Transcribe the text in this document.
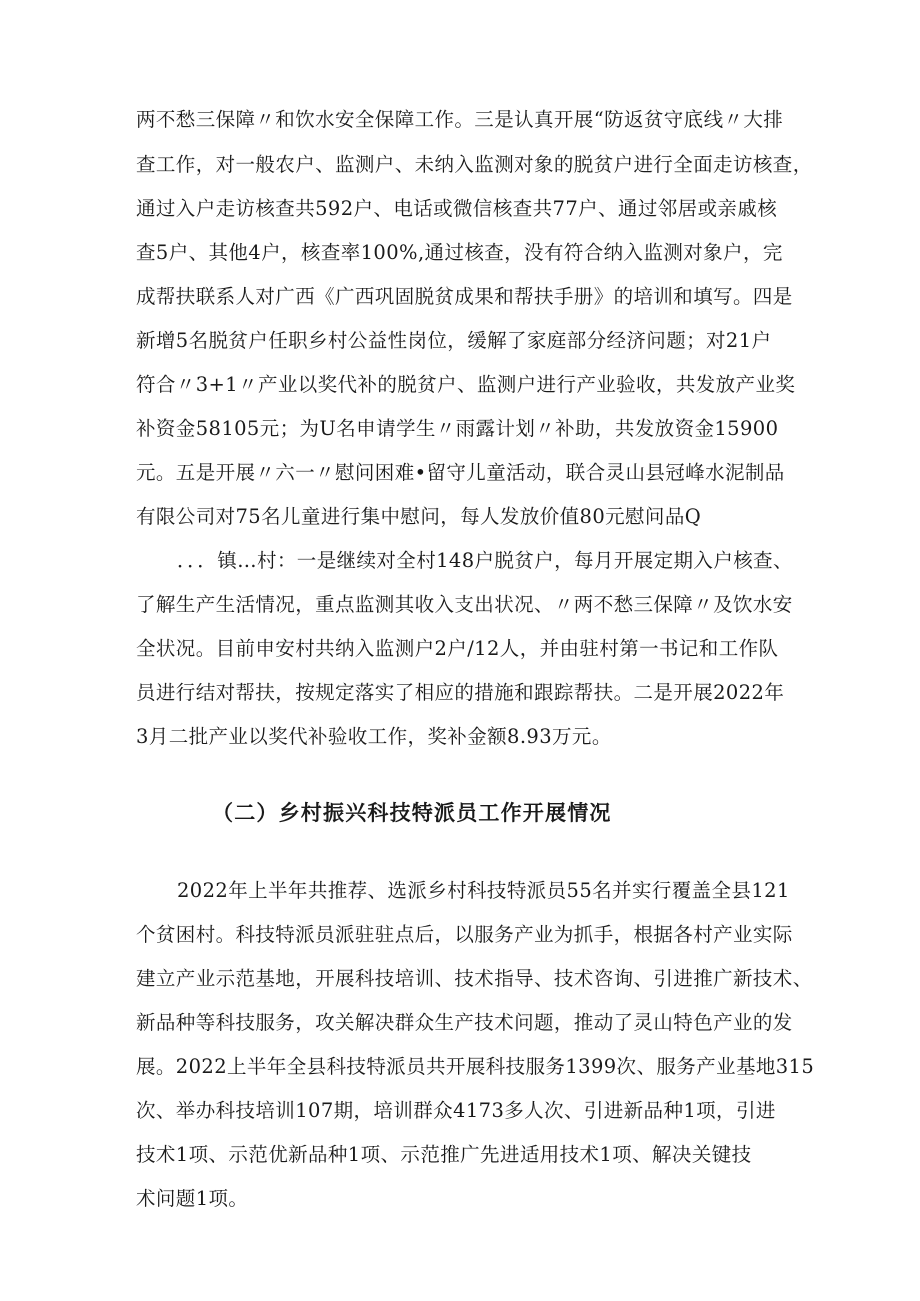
两不愁三保障〃和饮水安全保障工作。三是认真开展“防返贫守底线〃大排
查工作，对一般农户、监测户、未纳入监测对象的脱贫户进行全面走访核查，
通过入户走访核查共592户、电话或微信核查共77户、通过邻居或亲戚核
查5户、其他4户，核查率100%,通过核查，没有符合纳入监测对象户，完
成帮扶联系人对广西《广西巩固脱贫成果和帮扶手册》的培训和填写。四是
新增5名脱贫户任职乡村公益性岗位，缓解了家庭部分经济问题；对21户
符合〃3+1〃产业以奖代补的脱贫户、监测户进行产业验收，共发放产业奖
补资金58105元；为U名申请学生〃雨露计划〃补助，共发放资金15900
元。五是开展〃六一〃慰问困难•留守儿童活动，联合灵山县冠峰水泥制品
有限公司对75名儿童进行集中慰问，每人发放价值80元慰问品Q
．．．镇…村：一是继续对全村148户脱贫户，每月开展定期入户核查、
了解生产生活情况，重点监测其收入支出状况、〃两不愁三保障〃及饮水安
全状况。目前申安村共纳入监测户2户/12人，并由驻村第一书记和工作队
员进行结对帮扶，按规定落实了相应的措施和跟踪帮扶。二是开展2022年
3月二批产业以奖代补验收工作，奖补金额8.93万元。
（二）乡村振兴科技特派员工作开展情况
2022年上半年共推荐、选派乡村科技特派员55名并实行覆盖全县121
个贫困村。科技特派员派驻驻点后，以服务产业为抓手，根据各村产业实际
建立产业示范基地，开展科技培训、技术指导、技术咨询、引进推广新技术、
新品种等科技服务，攻关解决群众生产技术问题，推动了灵山特色产业的发
展。2022上半年全县科技特派员共开展科技服务1399次、服务产业基地315
次、举办科技培训107期，培训群众4173多人次、引进新品种1项，引进
技术1项、示范优新品种1项、示范推广先进适用技术1项、解决关键技
术问题1项。
